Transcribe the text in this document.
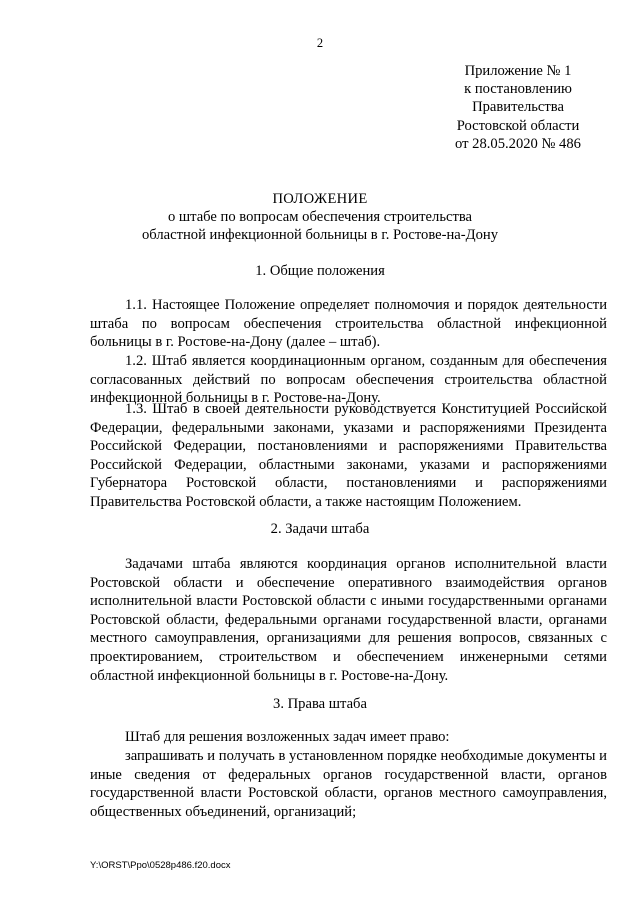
2
Приложение № 1
к постановлению
Правительства
Ростовской области
от 28.05.2020 № 486
ПОЛОЖЕНИЕ
о штабе по вопросам обеспечения строительства
областной инфекционной больницы в г. Ростове-на-Дону
1. Общие положения
1.1. Настоящее Положение определяет полномочия и порядок деятельности штаба по вопросам обеспечения строительства областной инфекционной больницы в г. Ростове-на-Дону (далее – штаб).
1.2. Штаб является координационным органом, созданным для обеспечения согласованных действий по вопросам обеспечения строительства областной инфекционной больницы в г. Ростове-на-Дону.
1.3. Штаб в своей деятельности руководствуется Конституцией Российской Федерации, федеральными законами, указами и распоряжениями Президента Российской Федерации, постановлениями и распоряжениями Правительства Российской Федерации, областными законами, указами и распоряжениями Губернатора Ростовской области, постановлениями и распоряжениями Правительства Ростовской области, а также настоящим Положением.
2. Задачи штаба
Задачами штаба являются координация органов исполнительной власти Ростовской области и обеспечение оперативного взаимодействия органов исполнительной власти Ростовской области с иными государственными органами Ростовской области, федеральными органами государственной власти, органами местного самоуправления, организациями для решения вопросов, связанных с проектированием, строительством и обеспечением инженерными сетями областной инфекционной больницы в г. Ростове-на-Дону.
3. Права штаба
Штаб для решения возложенных задач имеет право:
запрашивать и получать в установленном порядке необходимые документы и иные сведения от федеральных органов государственной власти, органов государственной власти Ростовской области, органов местного самоуправления, общественных объединений, организаций;
Y:\ORST\Ppo\0528p486.f20.docx
